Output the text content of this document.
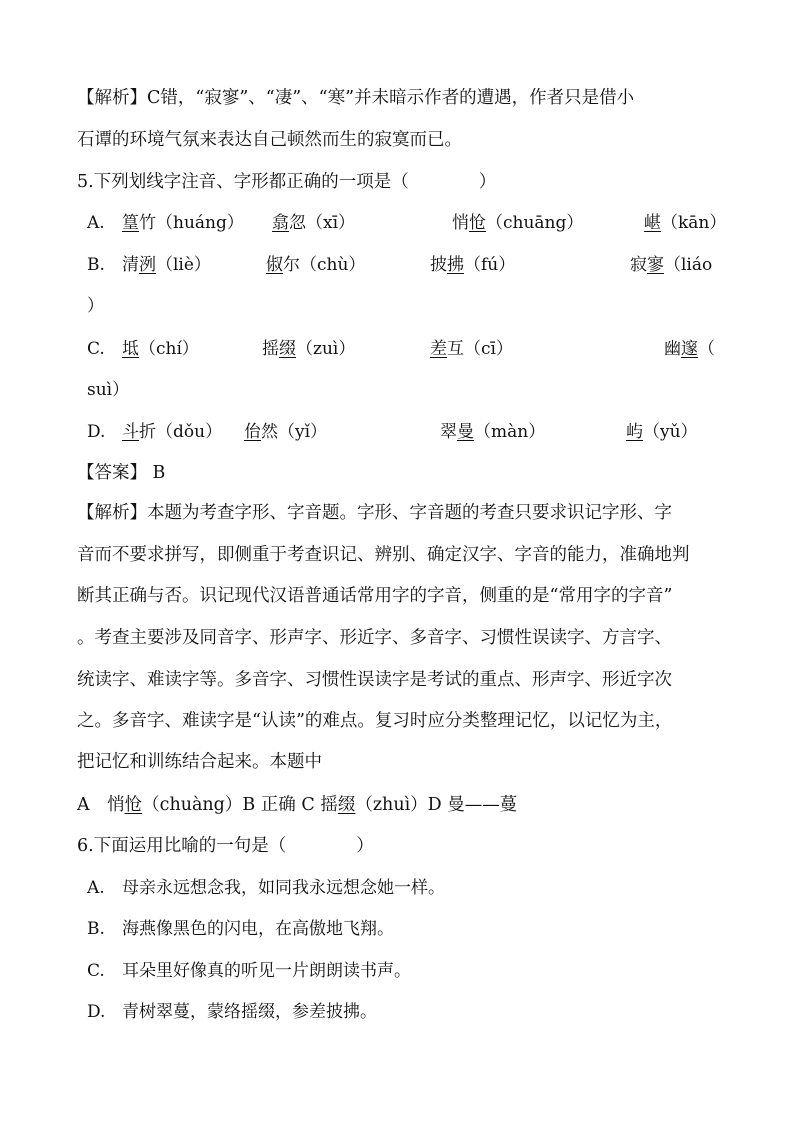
【解析】C错，“寂寥”、“凄”、“寒”并未暗示作者的遭遇，作者只是借小
石谭的环境气氛来表达自己顿然而生的寂寞而已。
5.下列划线字注音、字形都正确的一项是（　　　　）
A. 篁竹（huáng） 翕忽（xī）	悄怆（chuāng）	嵁（kān）
B. 清洌（liè）	俶尔（chù）	披拂（fú）	寂寥（liáo
）
C. 坻（chí）	摇缀（zuì）	差互（cī）	幽邃（
suì）
D. 斗折（dǒu） 佁然（yǐ）	翠曼（màn）	屿（yǔ）
【答案】 B
【解析】本题为考查字形、字音题。字形、字音题的考查只要求识记字形、字
音而不要求拼写，即侧重于考查识记、辨别、确定汉字、字音的能力，准确地判
断其正确与否。识记现代汉语普通话常用字的字音，侧重的是“常用字的字音”
。考查主要涉及同音字、形声字、形近字、多音字、习惯性误读字、方言字、
统读字、难读字等。多音字、习惯性误读字是考试的重点、形声字、形近字次
之。多音字、难读字是“认读”的难点。复习时应分类整理记忆，以记忆为主，
把记忆和训练结合起来。本题中
A　悄怆（chuàng）B 正确 C 摇缀（zhuì）D 曼——蔓
6.下面运用比喻的一句是（　　　　）
A. 母亲永远想念我，如同我永远想念她一样。
B. 海燕像黑色的闪电，在高傲地飞翔。
C. 耳朵里好像真的听见一片朗朗读书声。
D. 青树翠蔓，蒙络摇缀，参差披拂。
